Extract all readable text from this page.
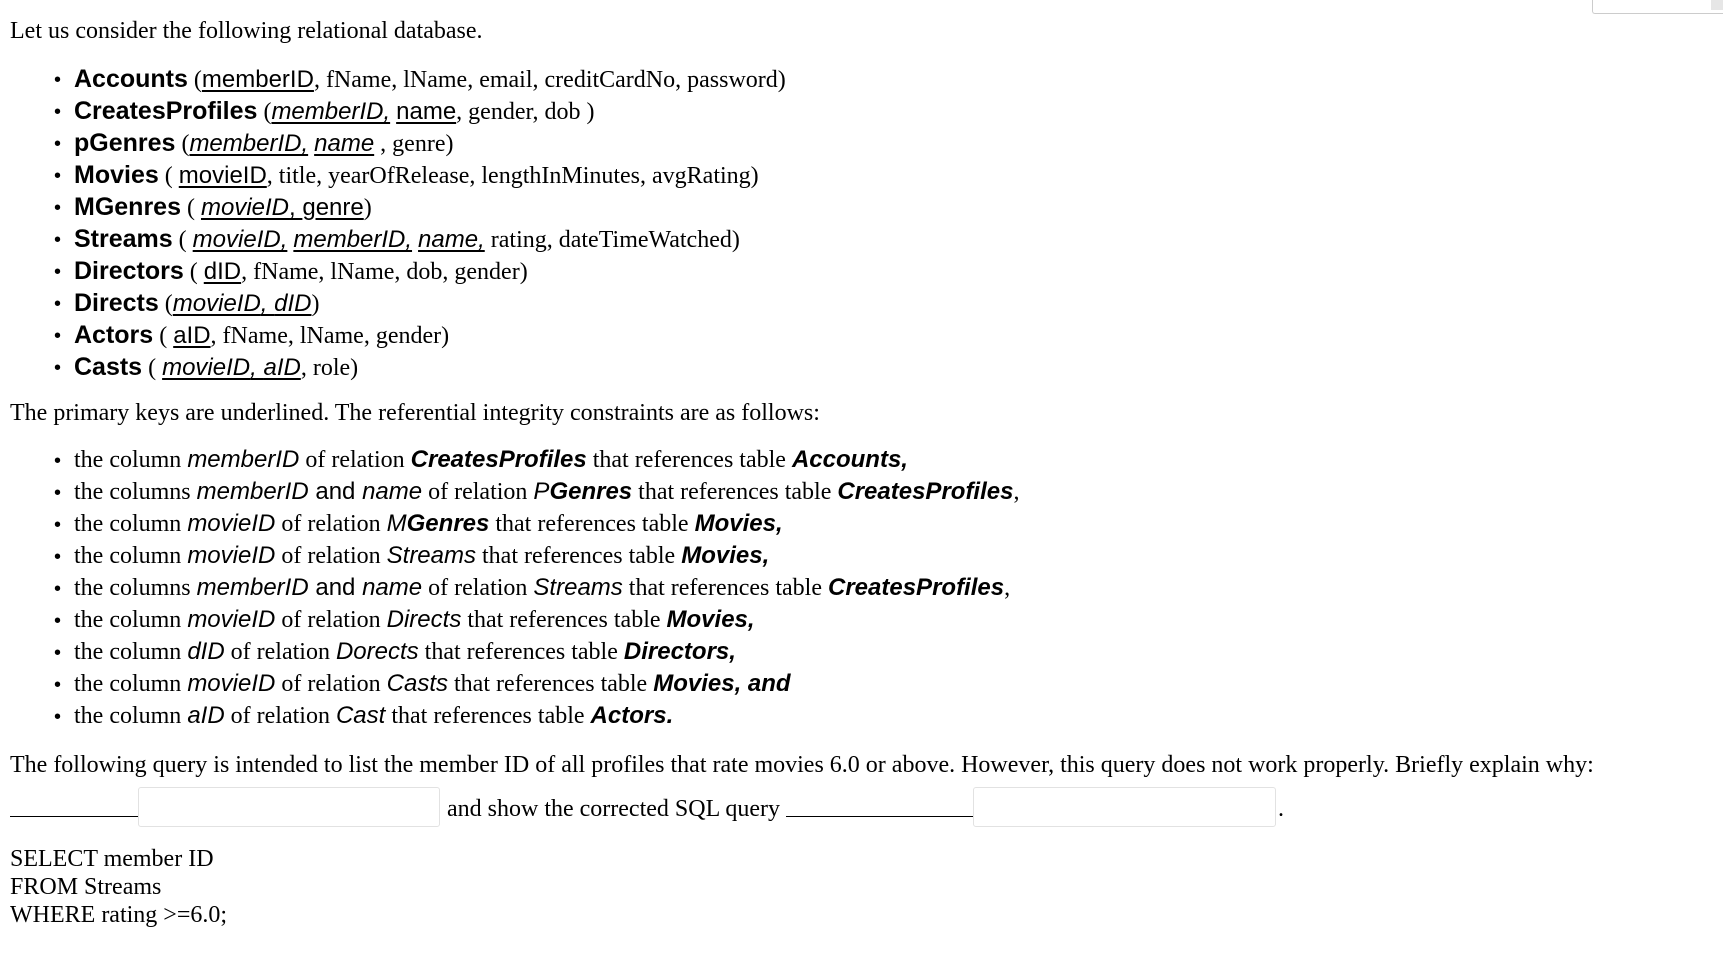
Let us consider the following relational database.

• Accounts (memberID, fName, lName, email, creditCardNo, password)
• CreatesProfiles (memberID, name, gender, dob )
• pGenres (memberID, name , genre)
• Movies ( movieID, title, yearOfRelease, lengthInMinutes, avgRating)
• MGenres ( movieID, genre)
• Streams ( movieID, memberID, name, rating, dateTimeWatched)
• Directors ( dID, fName, lName, dob, gender)
• Directs (movieID, dID)
• Actors ( aID, fName, lName, gender)
• Casts ( movieID, aID, role)

The primary keys are underlined. The referential integrity constraints are as follows:

• the column memberID of relation CreatesProfiles that references table Accounts,
• the columns memberID and name of relation PGenres that references table CreatesProfiles,
• the column movieID of relation MGenres that references table Movies,
• the column movieID of relation Streams that references table Movies,
• the columns memberID and name of relation Streams that references table CreatesProfiles,
• the column movieID of relation Directs that references table Movies,
• the column dID of relation Dorects that references table Directors,
• the column movieID of relation Casts that references table Movies, and
• the column aID of relation Cast that references table Actors.

The following query is intended to list the member ID of all profiles that rate movies 6.0 or above. However, this query does not work properly. Briefly explain why:

and show the corrected SQL query	.

SELECT member ID

FROM Streams

WHERE rating >=6.0;
